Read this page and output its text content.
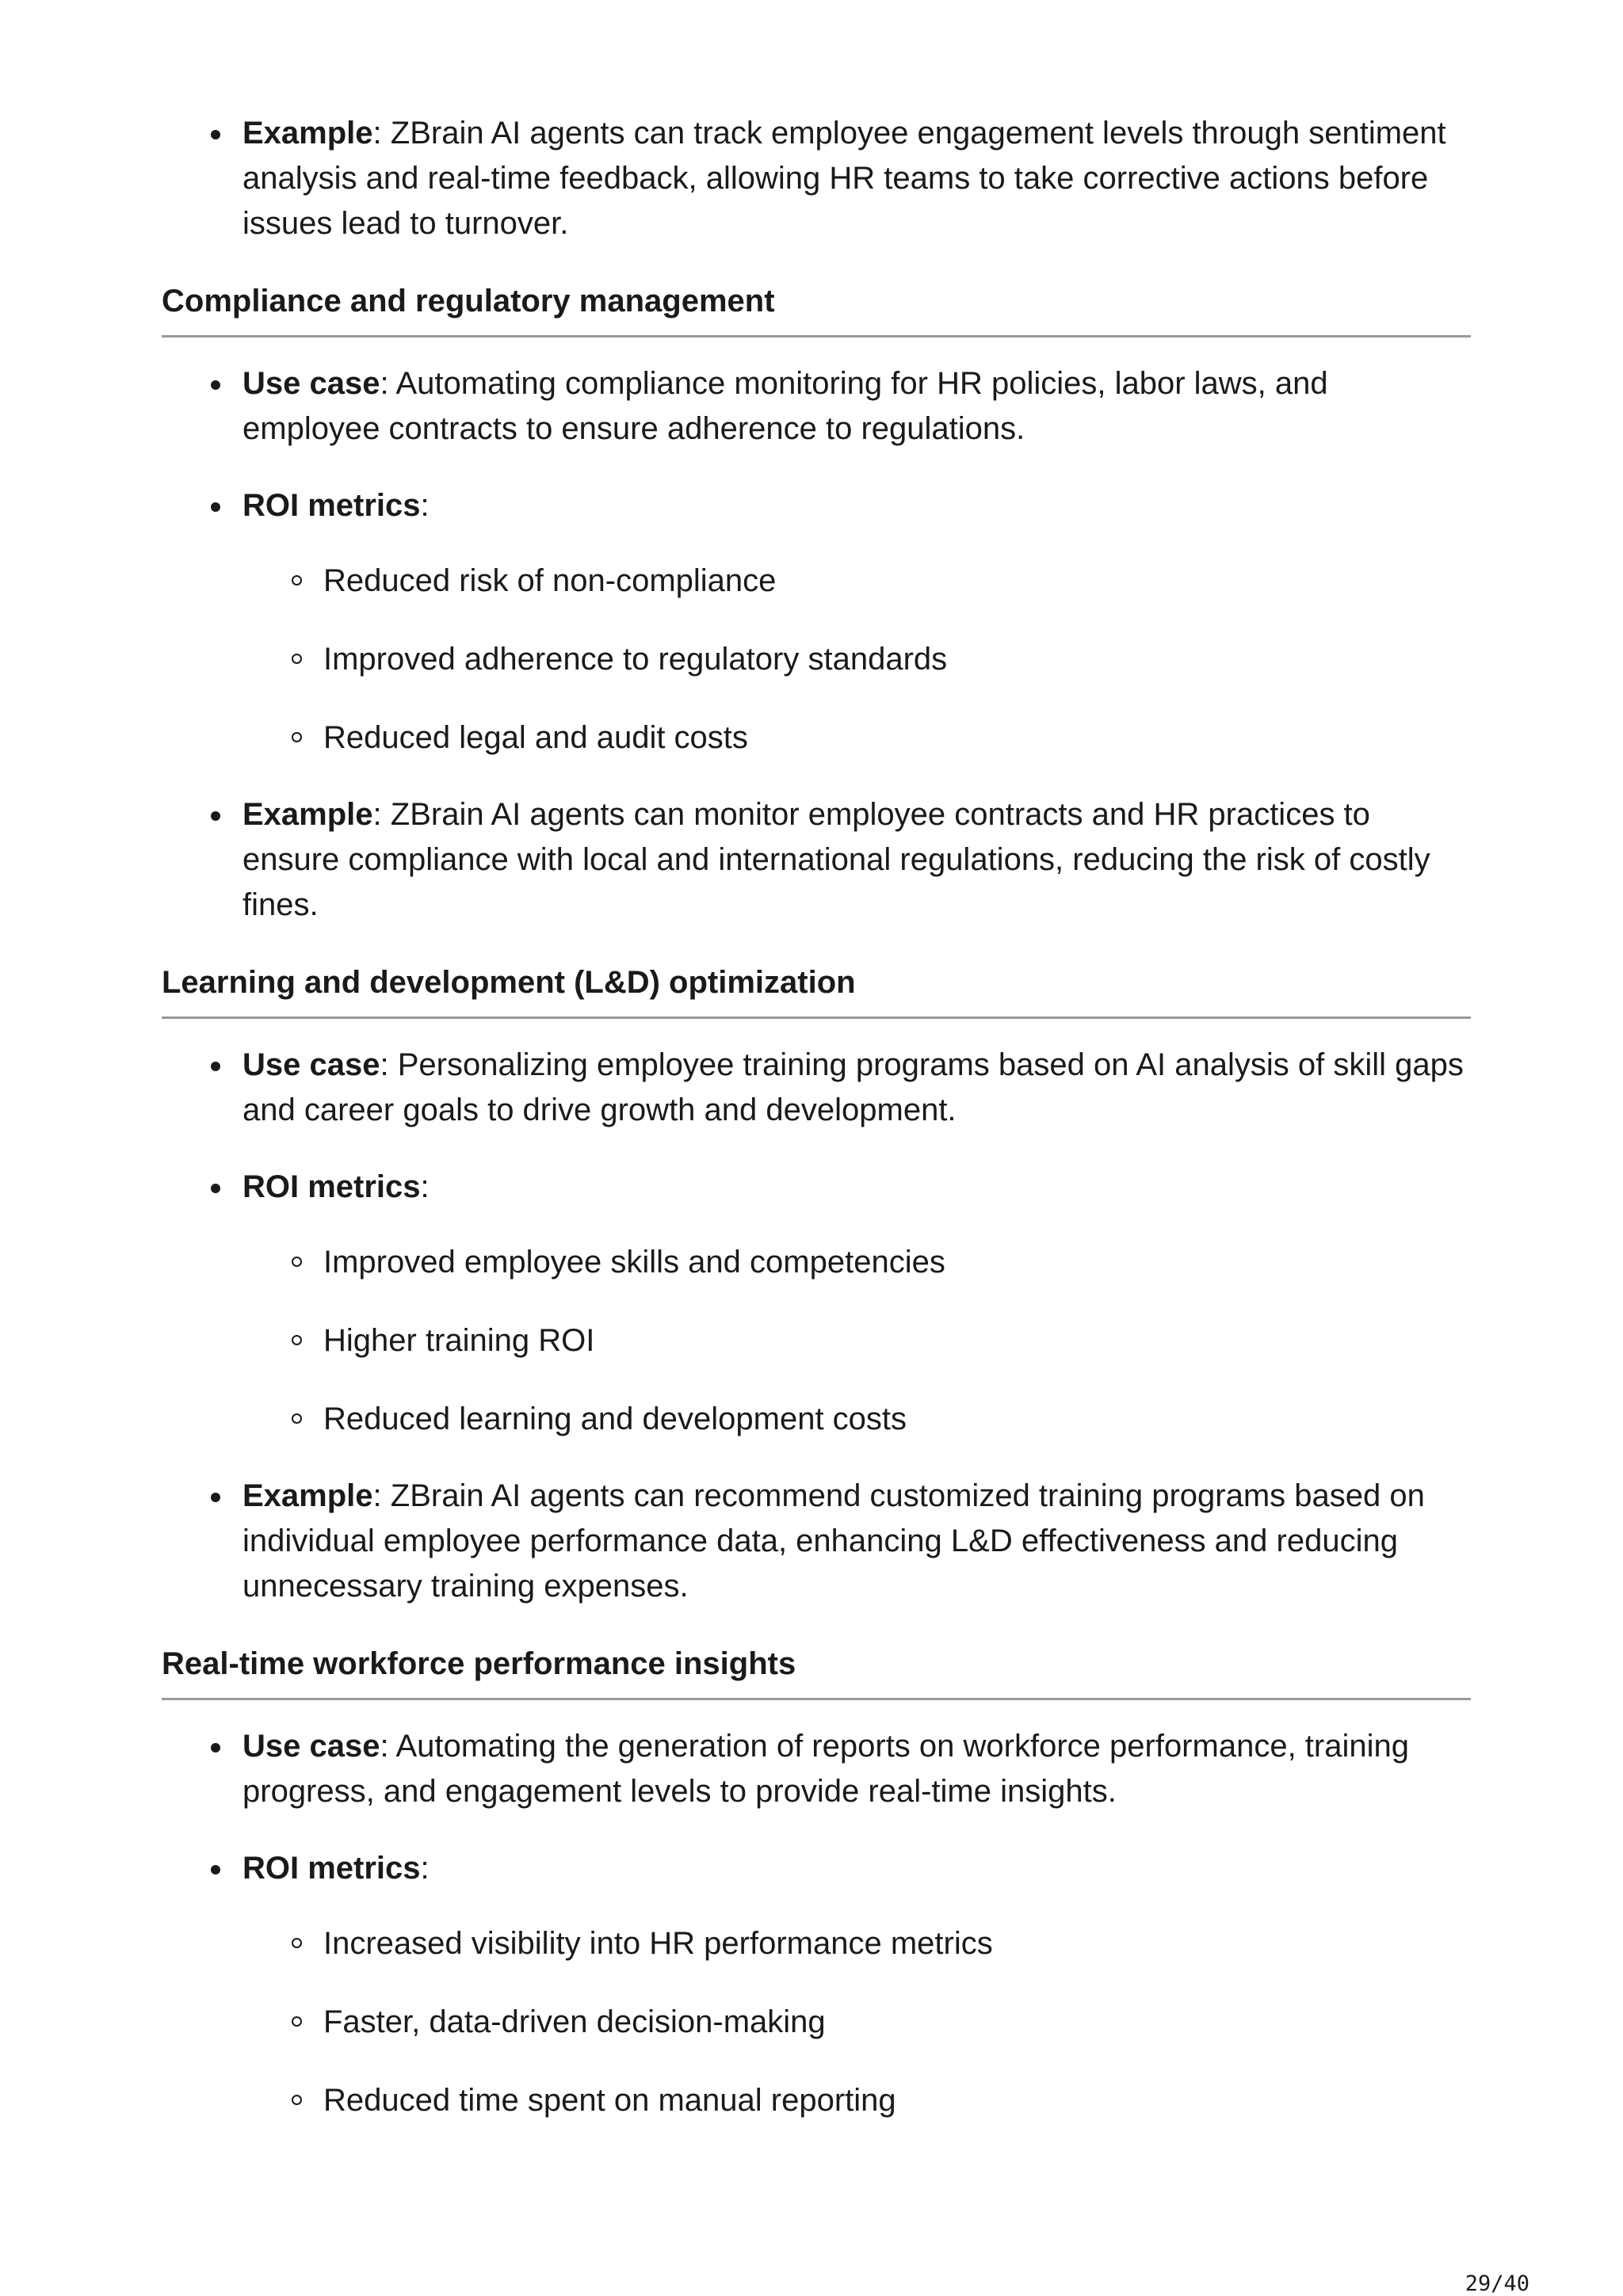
Example: ZBrain AI agents can track employee engagement levels through sentiment analysis and real-time feedback, allowing HR teams to take corrective actions before issues lead to turnover.
Compliance and regulatory management
Use case: Automating compliance monitoring for HR policies, labor laws, and employee contracts to ensure adherence to regulations.
ROI metrics:
Reduced risk of non-compliance
Improved adherence to regulatory standards
Reduced legal and audit costs
Example: ZBrain AI agents can monitor employee contracts and HR practices to ensure compliance with local and international regulations, reducing the risk of costly fines.
Learning and development (L&D) optimization
Use case: Personalizing employee training programs based on AI analysis of skill gaps and career goals to drive growth and development.
ROI metrics:
Improved employee skills and competencies
Higher training ROI
Reduced learning and development costs
Example: ZBrain AI agents can recommend customized training programs based on individual employee performance data, enhancing L&D effectiveness and reducing unnecessary training expenses.
Real-time workforce performance insights
Use case: Automating the generation of reports on workforce performance, training progress, and engagement levels to provide real-time insights.
ROI metrics:
Increased visibility into HR performance metrics
Faster, data-driven decision-making
Reduced time spent on manual reporting
29/40
